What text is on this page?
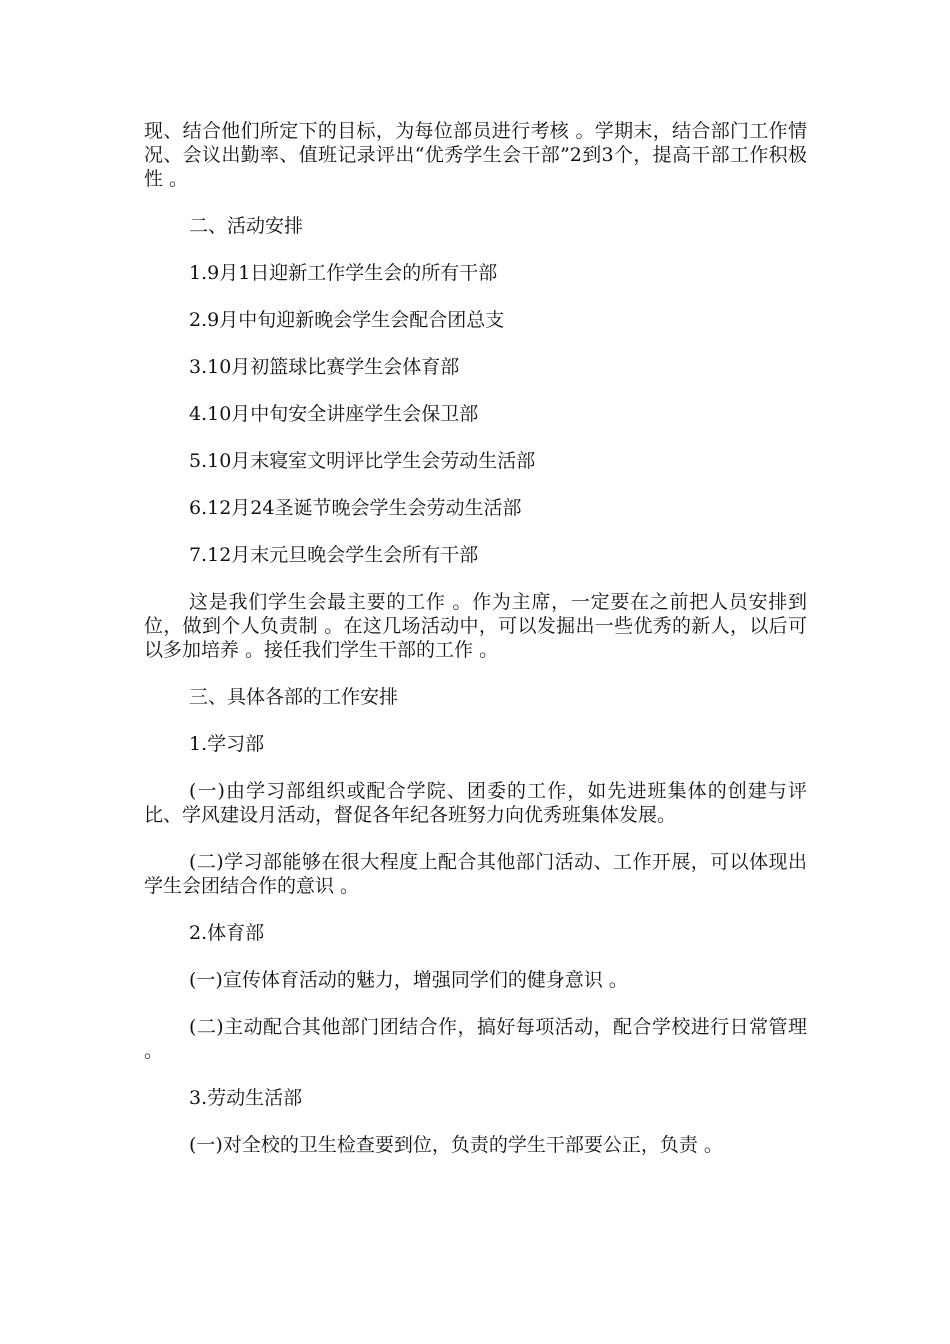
现、结合他们所定下的目标，为每位部员进行考核 。学期末，结合部门工作情况、会议出勤率、值班记录评出“优秀学生会干部”2到3个，提高干部工作积极性 。

二、活动安排

1.9月1日迎新工作学生会的所有干部

2.9月中旬迎新晚会学生会配合团总支

3.10月初篮球比赛学生会体育部

4.10月中旬安全讲座学生会保卫部

5.10月末寝室文明评比学生会劳动生活部

6.12月24圣诞节晚会学生会劳动生活部

7.12月末元旦晚会学生会所有干部

这是我们学生会最主要的工作 。作为主席，一定要在之前把人员安排到位，做到个人负责制 。在这几场活动中，可以发掘出一些优秀的新人，以后可以多加培养 。接任我们学生干部的工作 。

三、具体各部的工作安排

1.学习部

(一)由学习部组织或配合学院、团委的工作，如先进班集体的创建与评比、学风建设月活动，督促各年纪各班努力向优秀班集体发展。

(二)学习部能够在很大程度上配合其他部门活动、工作开展，可以体现出学生会团结合作的意识 。

2.体育部

(一)宣传体育活动的魅力，增强同学们的健身意识 。

(二)主动配合其他部门团结合作，搞好每项活动，配合学校进行日常管理 。

3.劳动生活部

(一)对全校的卫生检查要到位，负责的学生干部要公正，负责 。
